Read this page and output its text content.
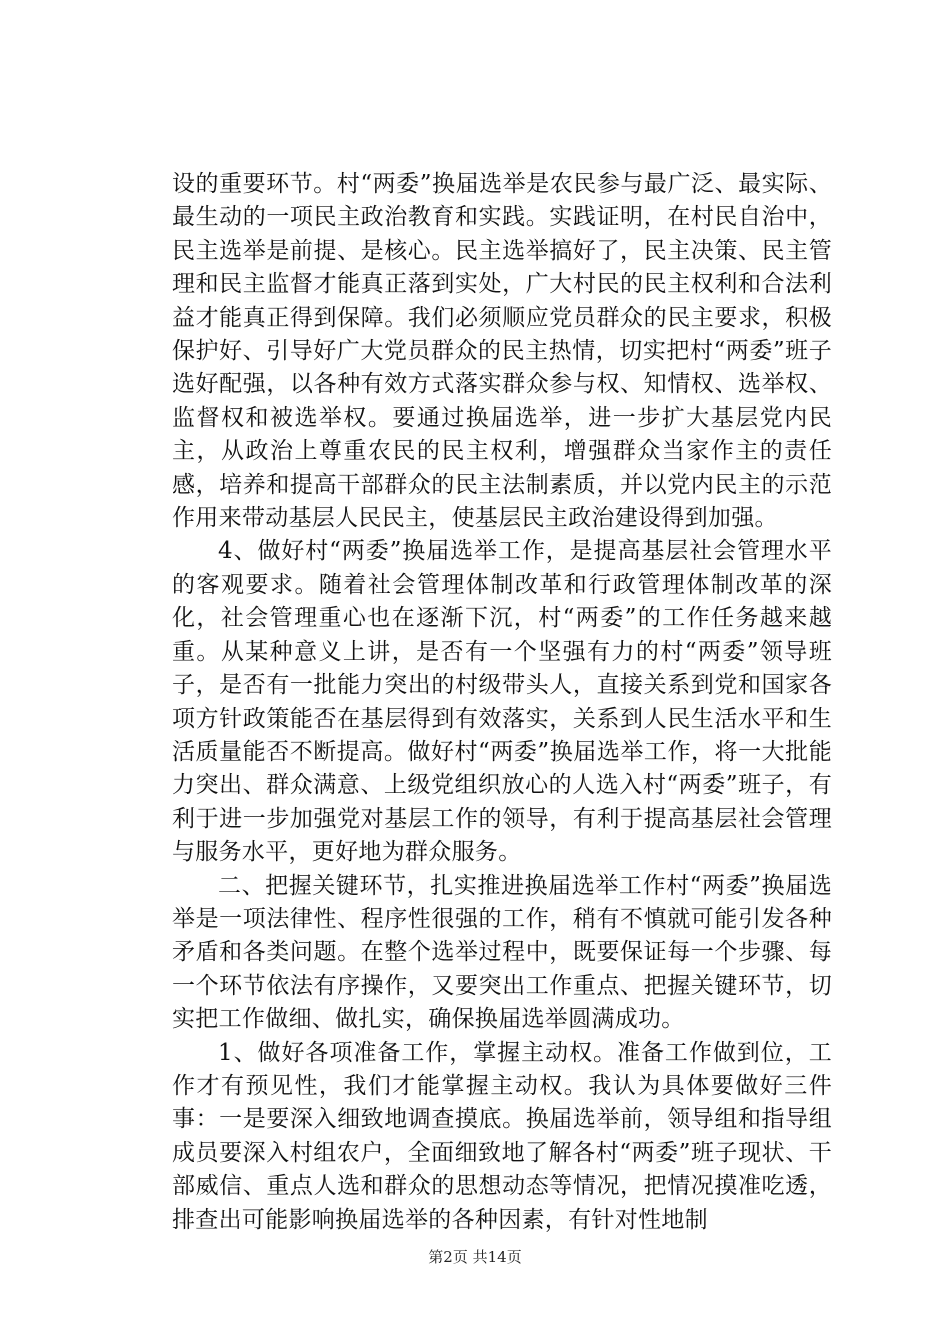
设的重要环节。村“两委”换届选举是农民参与最广泛、最实际、最生动的一项民主政治教育和实践。实践证明，在村民自治中，民主选举是前提、是核心。民主选举搞好了，民主决策、民主管理和民主监督才能真正落到实处，广大村民的民主权利和合法利益才能真正得到保障。我们必须顺应党员群众的民主要求，积极保护好、引导好广大党员群众的民主热情，切实把村“两委”班子选好配强，以各种有效方式落实群众参与权、知情权、选举权、监督权和被选举权。要通过换届选举，进一步扩大基层党内民主，从政治上尊重农民的民主权利，增强群众当家作主的责任感，培养和提高干部群众的民主法制素质，并以党内民主的示范作用来带动基层人民民主，使基层民主政治建设得到加强。

4、做好村“两委”换届选举工作，是提高基层社会管理水平的客观要求。随着社会管理体制改革和行政管理体制改革的深化，社会管理重心也在逐渐下沉，村“两委”的工作任务越来越重。从某种意义上讲，是否有一个坚强有力的村“两委”领导班子，是否有一批能力突出的村级带头人，直接关系到党和国家各项方针政策能否在基层得到有效落实，关系到人民生活水平和生活质量能否不断提高。做好村“两委”换届选举工作，将一大批能力突出、群众满意、上级党组织放心的人选入村“两委”班子，有利于进一步加强党对基层工作的领导，有利于提高基层社会管理与服务水平，更好地为群众服务。

二、把握关键环节，扎实推进换届选举工作村“两委”换届选举是一项法律性、程序性很强的工作，稍有不慎就可能引发各种矛盾和各类问题。在整个选举过程中，既要保证每一个步骤、每一个环节依法有序操作，又要突出工作重点、把握关键环节，切实把工作做细、做扎实，确保换届选举圆满成功。

1、做好各项准备工作，掌握主动权。准备工作做到位，工作才有预见性，我们才能掌握主动权。我认为具体要做好三件事：一是要深入细致地调查摸底。换届选举前，领导组和指导组成员要深入村组农户，全面细致地了解各村“两委”班子现状、干部威信、重点人选和群众的思想动态等情况，把情况摸准吃透，排查出可能影响换届选举的各种因素，有针对性地制

第2页 共14页
